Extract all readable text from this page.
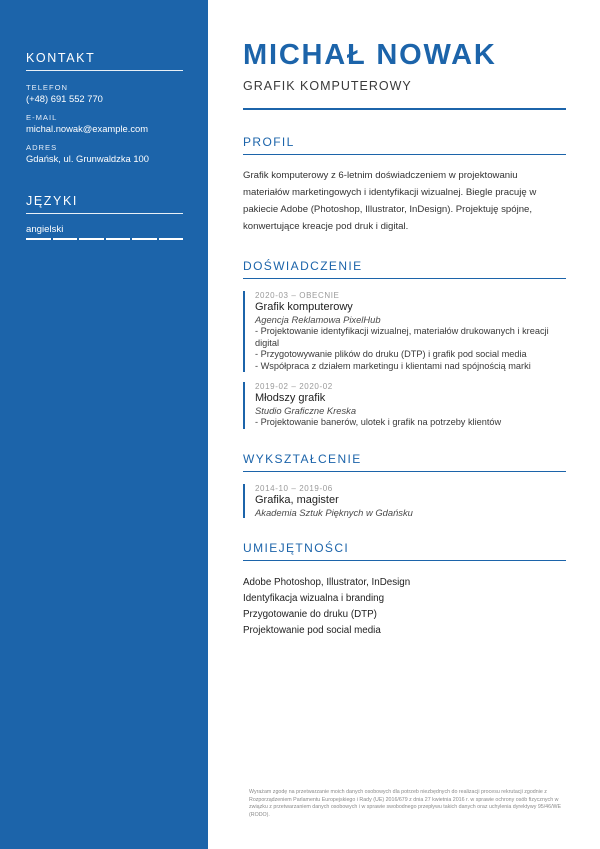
KONTAKT
TELEFON
(+48) 691 552 770
E-MAIL
michal.nowak@example.com
ADRES
Gdańsk, ul. Grunwaldzka 100
JĘZYKI
angielski
MICHAŁ NOWAK
GRAFIK KOMPUTEROWY
PROFIL

Grafik komputerowy z 6-letnim doświadczeniem w projektowaniu materiałów marketingowych i identyfikacji wizualnej. Biegle pracuję w pakiecie Adobe (Photoshop, Illustrator, InDesign). Projektuję spójne, konwertujące kreacje pod druk i digital.

DOŚWIADCZENIE
2020-03 – OBECNIE
Grafik komputerowy
Agencja Reklamowa PixelHub
- Projektowanie identyfikacji wizualnej, materiałów drukowanych i kreacji digital
- Przygotowywanie plików do druku (DTP) i grafik pod social media
- Współpraca z działem marketingu i klientami nad spójnością marki
2019-02 – 2020-02
Młodszy grafik
Studio Graficzne Kreska
- Projektowanie banerów, ulotek i grafik na potrzeby klientów
WYKSZTAŁCENIE
2014-10 – 2019-06
Grafika, magister
Akademia Sztuk Pięknych w Gdańsku
UMIEJĘTNOŚCI
Adobe Photoshop, Illustrator, InDesign
Identyfikacja wizualna i branding
Przygotowanie do druku (DTP)
Projektowanie pod social media
Wyrażam zgodę na przetwarzanie moich danych osobowych dla potrzeb niezbędnych do realizacji procesu rekrutacji zgodnie z Rozporządzeniem Parlamentu Europejskiego i Rady (UE) 2016/679 z dnia 27 kwietnia 2016 r. w sprawie ochrony osób fizycznych w związku z przetwarzaniem danych osobowych i w sprawie swobodnego przepływu takich danych oraz uchylenia dyrektywy 95/46/WE (RODO).
